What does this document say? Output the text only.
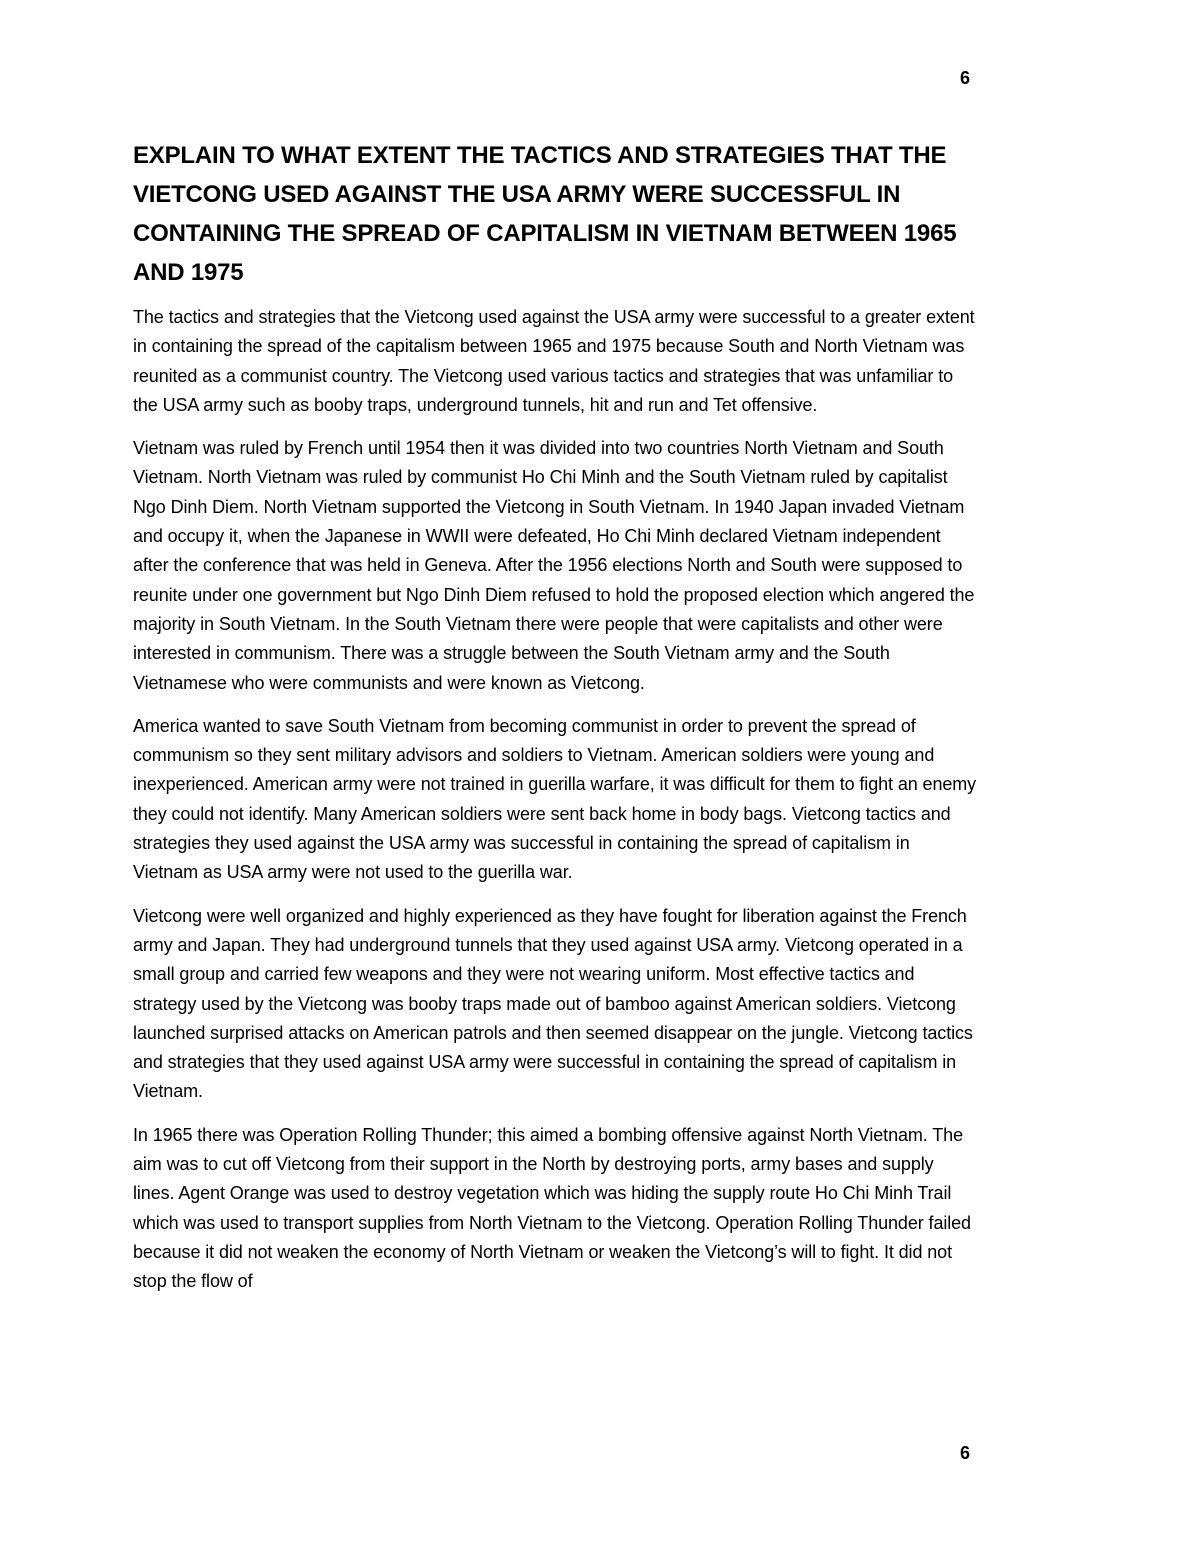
6
EXPLAIN TO WHAT EXTENT THE TACTICS AND STRATEGIES THAT THE VIETCONG USED AGAINST THE USA ARMY WERE SUCCESSFUL IN CONTAINING THE SPREAD OF CAPITALISM IN VIETNAM BETWEEN 1965 AND 1975

The tactics and strategies that the Vietcong used against the USA army were successful to a greater extent in containing the spread of the capitalism between 1965 and 1975 because South and North Vietnam was reunited as a communist country. The Vietcong used various tactics and strategies that was unfamiliar to the USA army such as booby traps, underground tunnels, hit and run and Tet offensive.

Vietnam was ruled by French until 1954 then it was divided into two countries North Vietnam and South Vietnam. North Vietnam was ruled by communist Ho Chi Minh and the South Vietnam ruled by capitalist Ngo Dinh Diem. North Vietnam supported the Vietcong in South Vietnam. In 1940 Japan invaded Vietnam and occupy it, when the Japanese in WWII were defeated, Ho Chi Minh declared Vietnam independent after the conference that was held in Geneva. After the 1956 elections North and South were supposed to reunite under one government but Ngo Dinh Diem refused to hold the proposed election which angered the majority in South Vietnam. In the South Vietnam there were people that were capitalists and other were interested in communism. There was a struggle between the South Vietnam army and the South Vietnamese who were communists and were known as Vietcong.

America wanted to save South Vietnam from becoming communist in order to prevent the spread of communism so they sent military advisors and soldiers to Vietnam. American soldiers were young and inexperienced. American army were not trained in guerilla warfare, it was difficult for them to fight an enemy they could not identify. Many American soldiers were sent back home in body bags. Vietcong tactics and strategies they used against the USA army was successful in containing the spread of capitalism in Vietnam as USA army were not used to the guerilla war.

Vietcong were well organized and highly experienced as they have fought for liberation against the French army and Japan. They had underground tunnels that they used against USA army. Vietcong operated in a small group and carried few weapons and they were not wearing uniform. Most effective tactics and strategy used by the Vietcong was booby traps made out of bamboo against American soldiers. Vietcong launched surprised attacks on American patrols and then seemed disappear on the jungle. Vietcong tactics and strategies that they used against USA army were successful in containing the spread of capitalism in Vietnam.

In 1965 there was Operation Rolling Thunder; this aimed a bombing offensive against North Vietnam. The aim was to cut off Vietcong from their support in the North by destroying ports, army bases and supply lines. Agent Orange was used to destroy vegetation which was hiding the supply route Ho Chi Minh Trail which was used to transport supplies from North Vietnam to the Vietcong. Operation Rolling Thunder failed because it did not weaken the economy of North Vietnam or weaken the Vietcong’s will to fight. It did not stop the flow of

6
